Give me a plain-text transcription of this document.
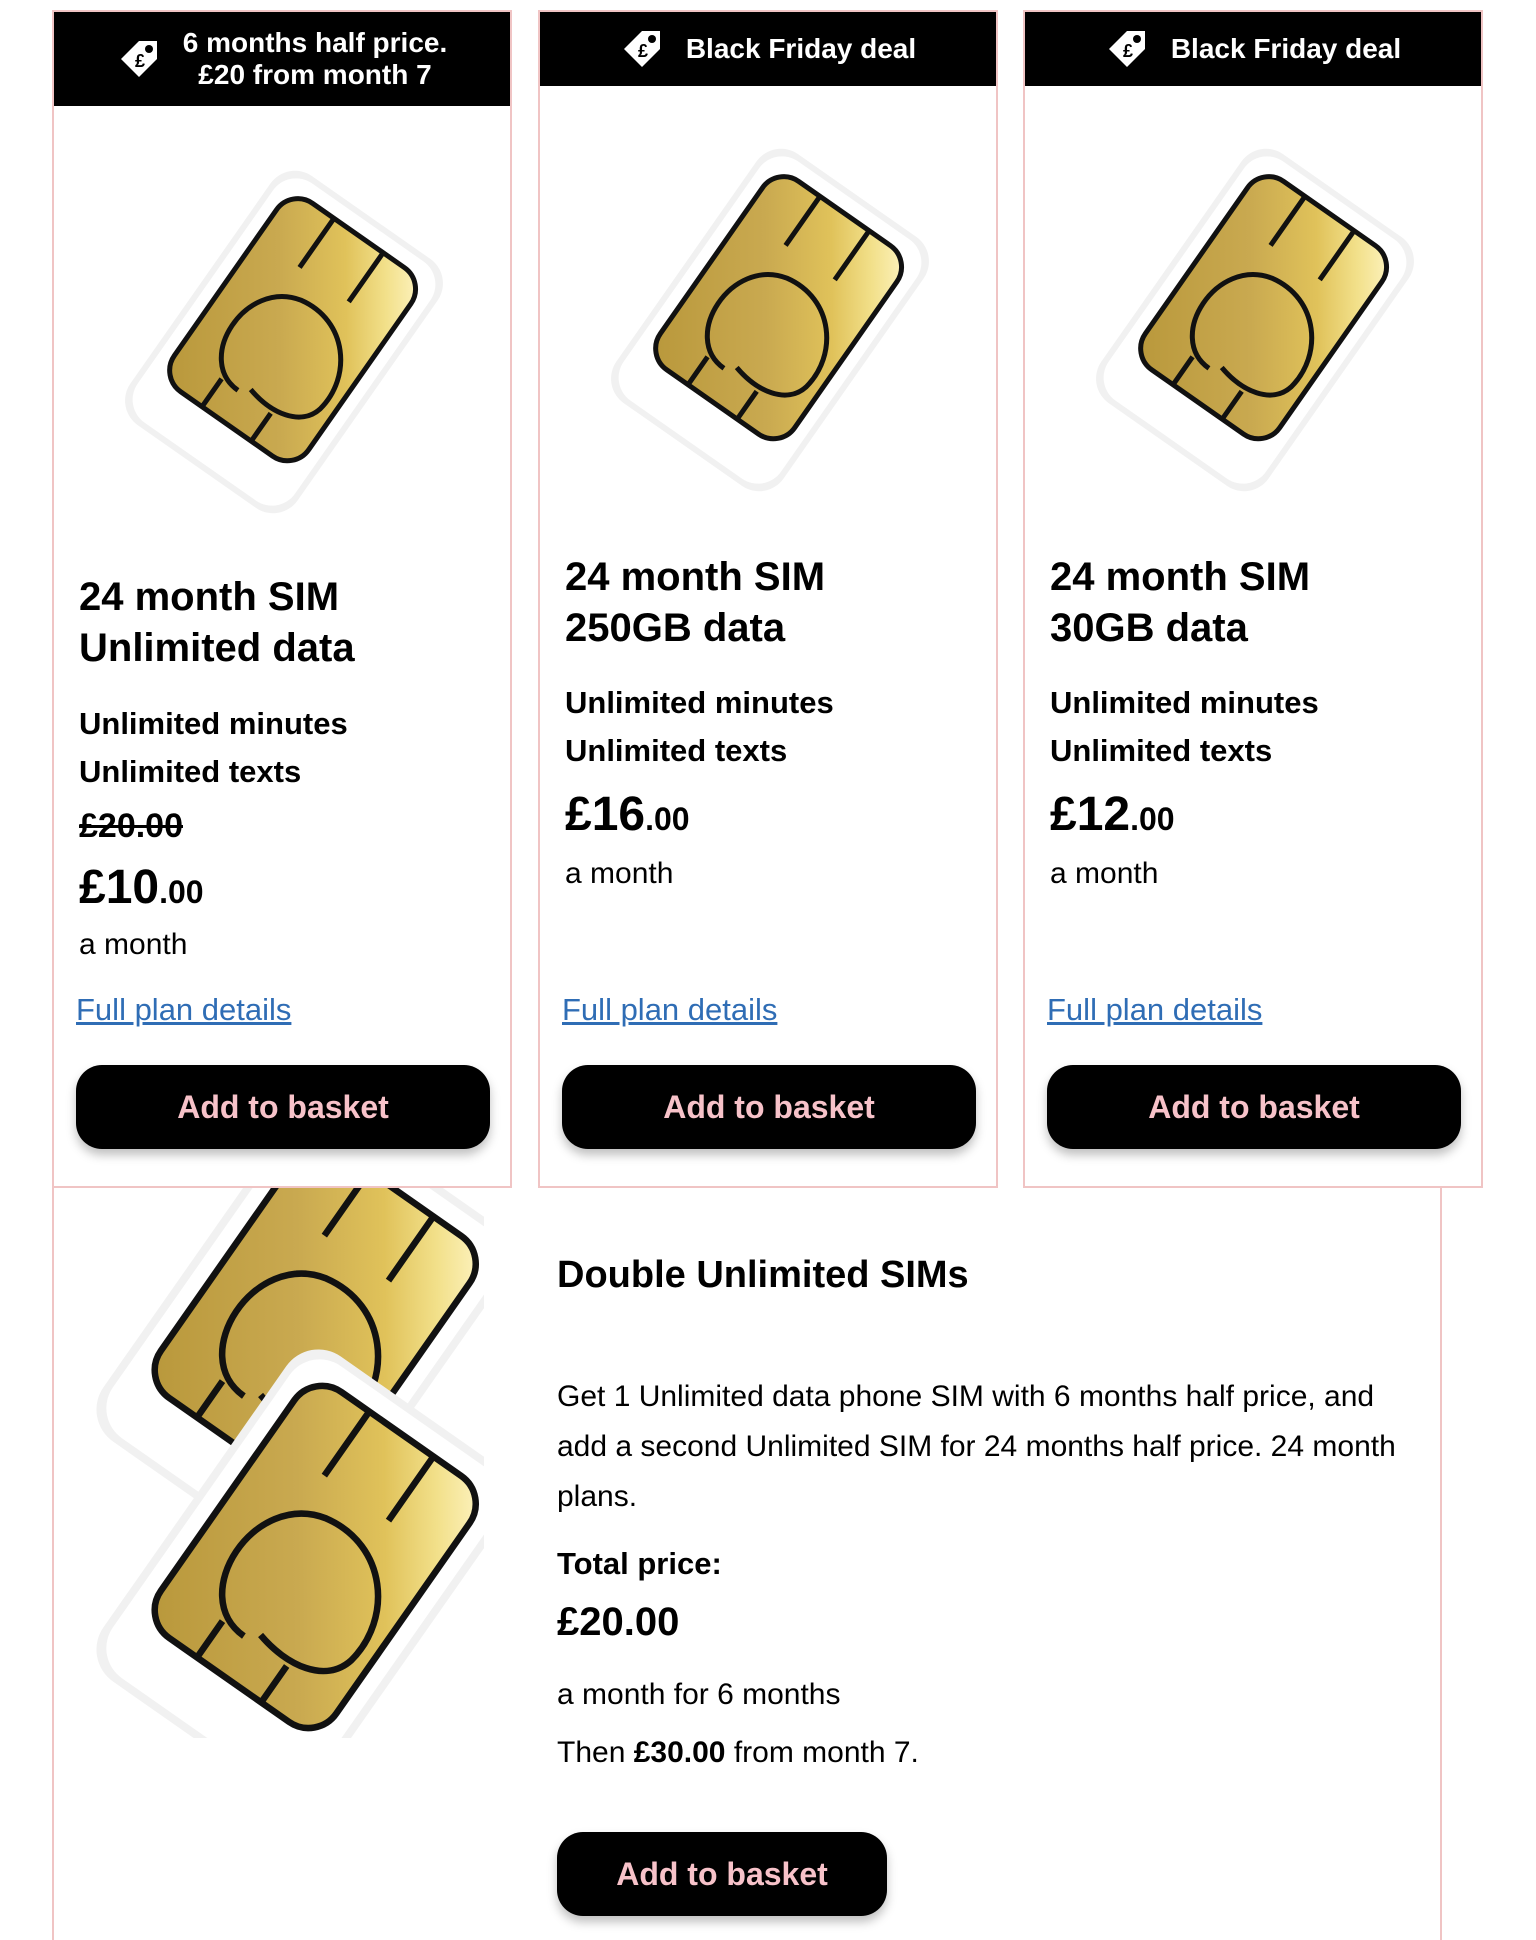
£
6 months half price.
£20 from month 7
24 month SIM
Unlimited data
Unlimited minutes
Unlimited texts
£20.00
£10.00
a month
Full plan details
Add to basket
£ Black Friday deal
24 month SIM
250GB data
Unlimited minutes
Unlimited texts
£16.00
a month
Full plan details
Add to basket
£ Black Friday deal
24 month SIM
30GB data
Unlimited minutes
Unlimited texts
£12.00
a month
Full plan details
Add to basket
Double Unlimited SIMs
Get 1 Unlimited data phone SIM with 6 months half price, and add a second Unlimited SIM for 24 months half price. 24 month plans.
Total price:
£20.00
a month for 6 months
Then £30.00 from month 7.
Add to basket
